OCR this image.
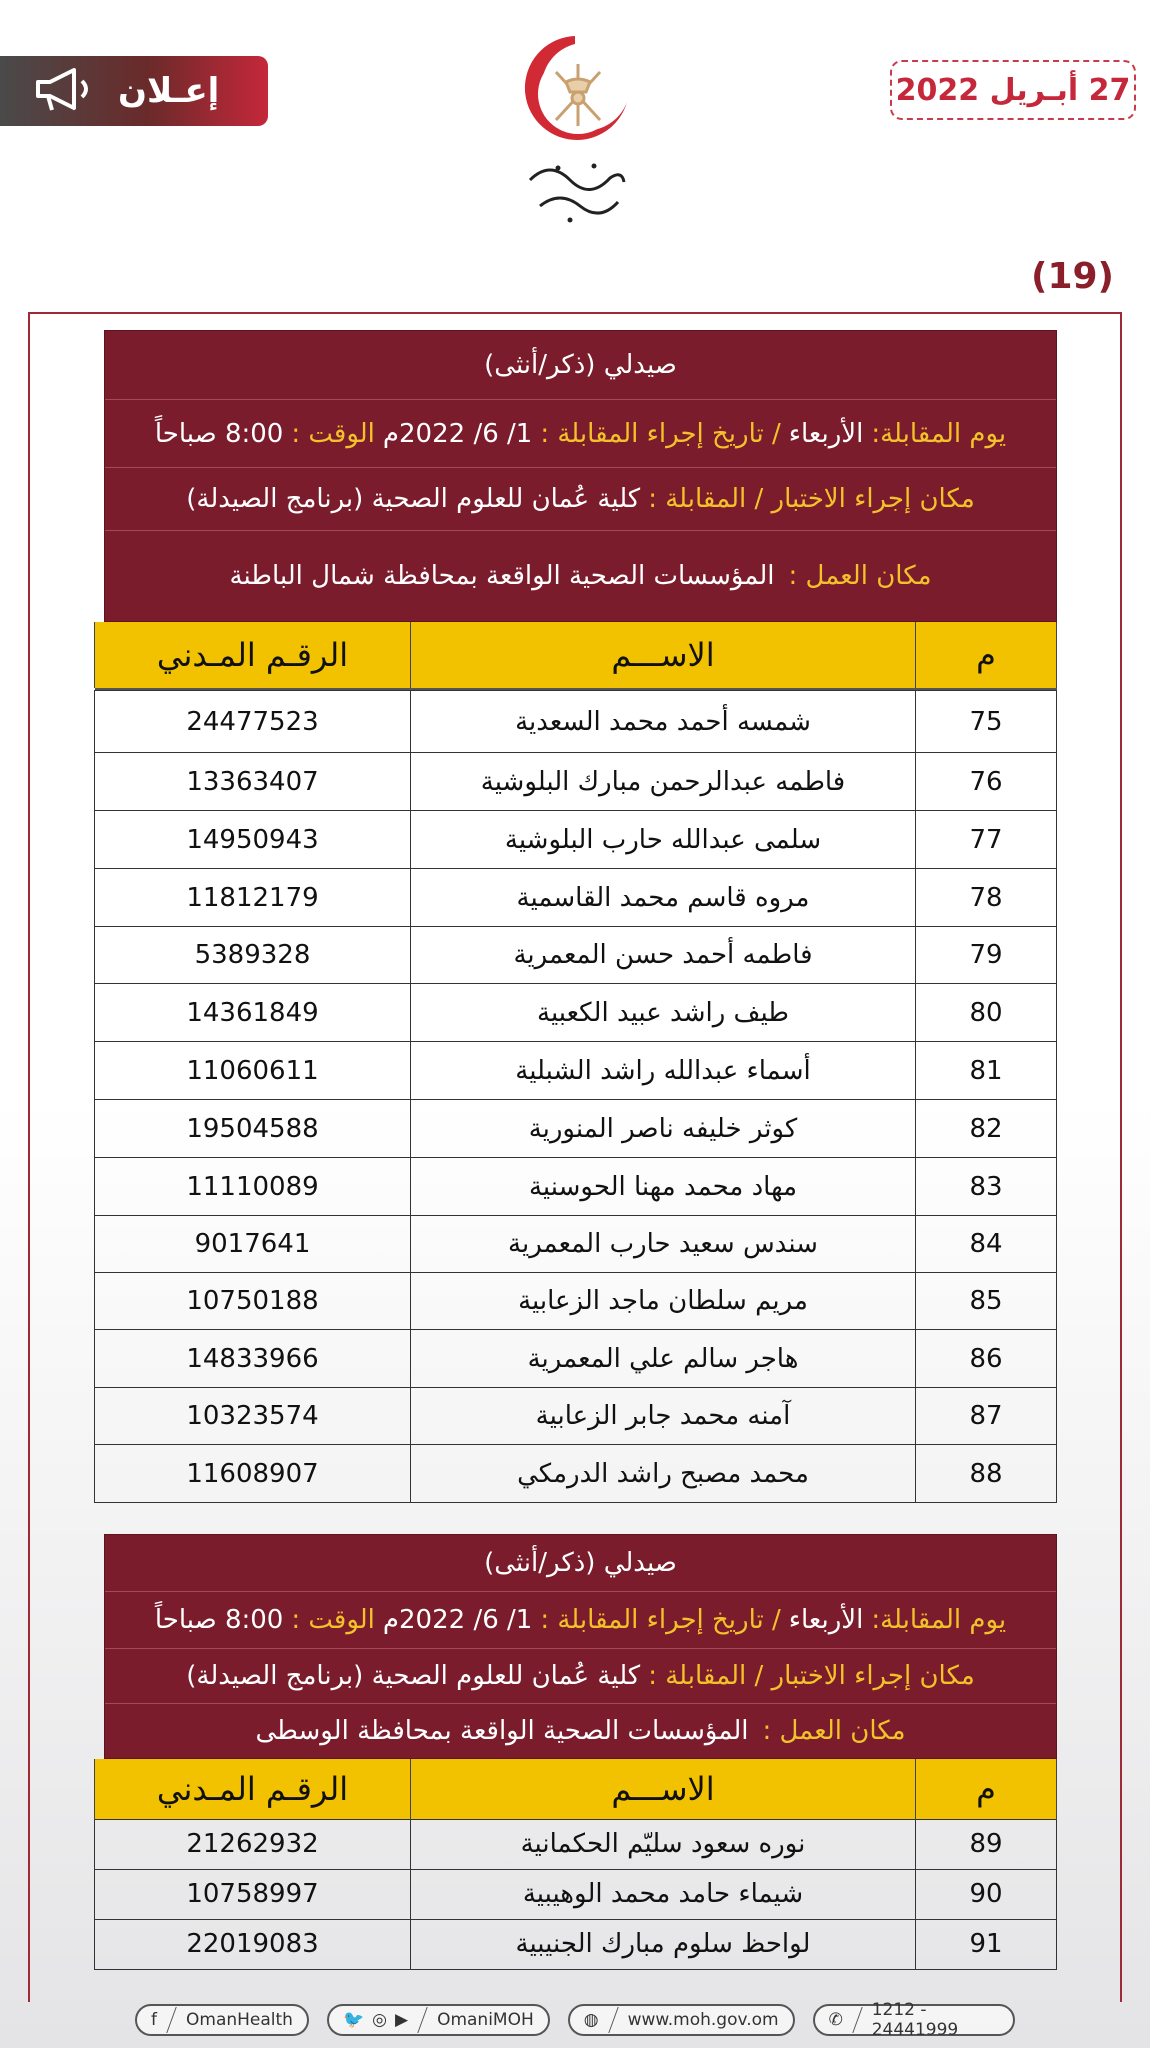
إعـلان	27 أبـريل 2022
(19)
صيدلي (ذكر/أنثى)
يوم المقابلة:
الأربعاء
/ تاريخ إجراء المقابلة :
1/ 6/ 2022م
الوقت :
8:00 صباحاً
مكان إجراء الاختبار / المقابلة :
كلية عُمان للعلوم الصحية (برنامج الصيدلة)
مكان العمل :
المؤسسات الصحية الواقعة بمحافظة شمال الباطنة
م	الاســـم	الرقـم المـدني

75	شمسه أحمد محمد السعدية	24477523
76	فاطمه عبدالرحمن مبارك البلوشية	13363407
77	سلمى عبدالله حارب البلوشية	14950943
78	مروه قاسم محمد القاسمية	11812179
79	فاطمه أحمد حسن المعمرية	5389328
80	طيف راشد عبيد الكعبية	14361849
81	أسماء عبدالله راشد الشبلية	11060611
82	كوثر خليفه ناصر المنورية	19504588
83	مهاد محمد مهنا الحوسنية	11110089
84	سندس سعيد حارب المعمرية	9017641
85	مريم سلطان ماجد الزعابية	10750188
86	هاجر سالم علي المعمرية	14833966
87	آمنه محمد جابر الزعابية	10323574
88	محمد مصبح راشد الدرمكي	11608907
صيدلي (ذكر/أنثى)
يوم المقابلة:
الأربعاء
/ تاريخ إجراء المقابلة :
1/ 6/ 2022م
الوقت :
8:00 صباحاً
مكان إجراء الاختبار / المقابلة :
كلية عُمان للعلوم الصحية (برنامج الصيدلة)
مكان العمل :
المؤسسات الصحية الواقعة بمحافظة الوسطى
م	الاســـم	الرقـم المـدني
89	نوره سعود سليّم الحكمانية	21262932
90	شيماء حامد محمد الوهيبية	10758997
91	لواحظ سلوم مبارك الجنيبية	22019083
f OmanHealth	🐦 ◎ ▶ OmaniMOH	◍ www.moh.gov.om	✆ 1212 - 24441999
